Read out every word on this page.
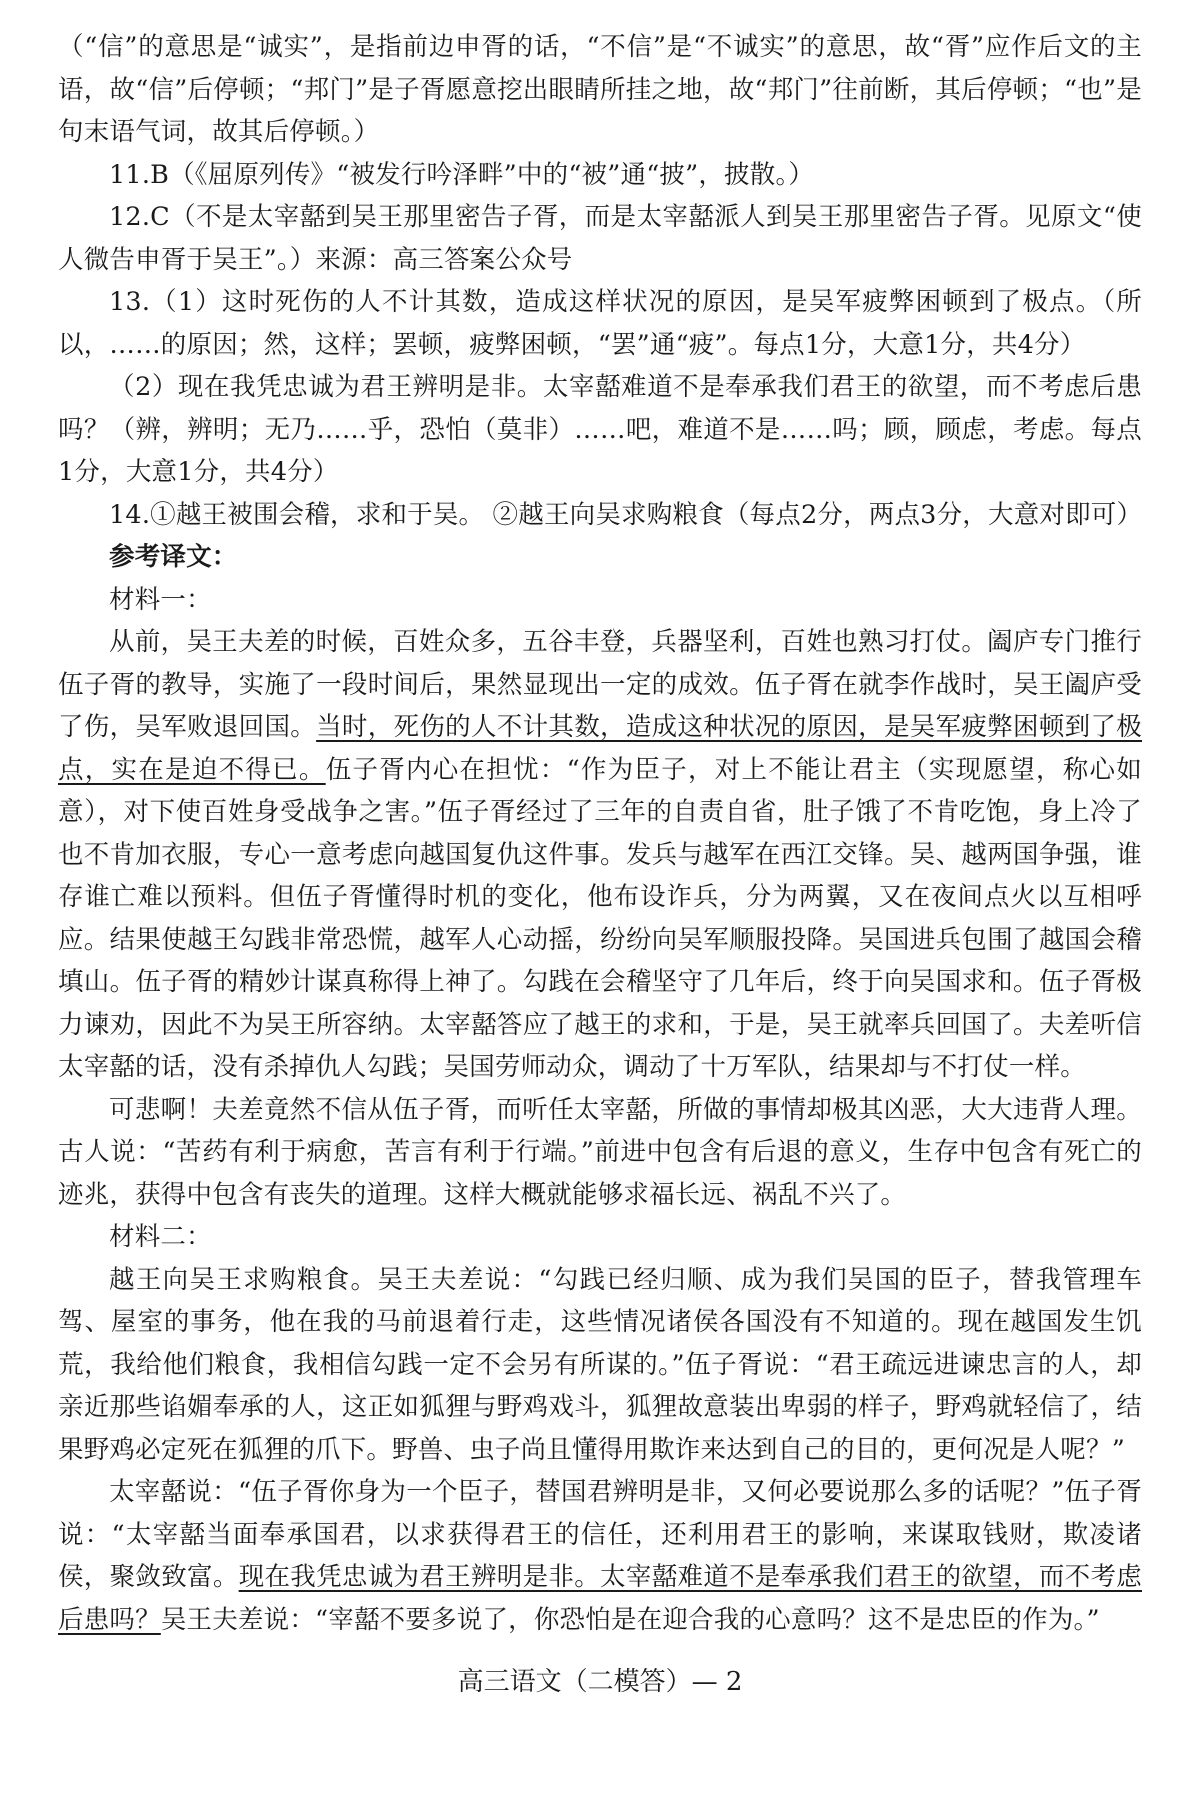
（“信”的意思是“诚实”，是指前边申胥的话，“不信”是“不诚实”的意思，故“胥”应作后文的主语，故“信”后停顿；“邦门”是子胥愿意挖出眼睛所挂之地，故“邦门”往前断，其后停顿；“也”是句末语气词，故其后停顿。）

11.B（《屈原列传》“被发行吟泽畔”中的“被”通“披”，披散。）

12.C（不是太宰嚭到吴王那里密告子胥，而是太宰嚭派人到吴王那里密告子胥。见原文“使人微告申胥于吴王”。）来源：高三答案公众号

13.（1）这时死伤的人不计其数，造成这样状况的原因，是吴军疲弊困顿到了极点。（所以，……的原因；然，这样；罢顿，疲弊困顿，“罢”通“疲”。每点1分，大意1分，共4分）

（2）现在我凭忠诚为君王辨明是非。太宰嚭难道不是奉承我们君王的欲望，而不考虑后患吗？（辨，辨明；无乃……乎，恐怕（莫非）……吧，难道不是……吗；顾，顾虑，考虑。每点1分，大意1分，共4分）

14.①越王被围会稽，求和于吴。 ②越王向吴求购粮食（每点2分，两点3分，大意对即可）

参考译文：

材料一：

从前，吴王夫差的时候，百姓众多，五谷丰登，兵器坚利，百姓也熟习打仗。阖庐专门推行伍子胥的教导，实施了一段时间后，果然显现出一定的成效。伍子胥在就李作战时，吴王阖庐受了伤，吴军败退回国。当时，死伤的人不计其数，造成这种状况的原因，是吴军疲弊困顿到了极点，实在是迫不得已。伍子胥内心在担忧：“作为臣子，对上不能让君主（实现愿望，称心如意），对下使百姓身受战争之害。”伍子胥经过了三年的自责自省，肚子饿了不肯吃饱，身上冷了也不肯加衣服，专心一意考虑向越国复仇这件事。发兵与越军在西江交锋。吴、越两国争强，谁存谁亡难以预料。但伍子胥懂得时机的变化，他布设诈兵，分为两翼，又在夜间点火以互相呼应。结果使越王勾践非常恐慌，越军人心动摇，纷纷向吴军顺服投降。吴国进兵包围了越国会稽填山。伍子胥的精妙计谋真称得上神了。勾践在会稽坚守了几年后，终于向吴国求和。伍子胥极力谏劝，因此不为吴王所容纳。太宰嚭答应了越王的求和，于是，吴王就率兵回国了。夫差听信太宰嚭的话，没有杀掉仇人勾践；吴国劳师动众，调动了十万军队，结果却与不打仗一样。

可悲啊！夫差竟然不信从伍子胥，而听任太宰嚭，所做的事情却极其凶恶，大大违背人理。古人说：“苦药有利于病愈，苦言有利于行端。”前进中包含有后退的意义，生存中包含有死亡的迹兆，获得中包含有丧失的道理。这样大概就能够求福长远、祸乱不兴了。

材料二：

越王向吴王求购粮食。吴王夫差说：“勾践已经归顺、成为我们吴国的臣子，替我管理车驾、屋室的事务，他在我的马前退着行走，这些情况诸侯各国没有不知道的。现在越国发生饥荒，我给他们粮食，我相信勾践一定不会另有所谋的。”伍子胥说：“君王疏远进谏忠言的人，却亲近那些谄媚奉承的人，这正如狐狸与野鸡戏斗，狐狸故意装出卑弱的样子，野鸡就轻信了，结果野鸡必定死在狐狸的爪下。野兽、虫子尚且懂得用欺诈来达到自己的目的，更何况是人呢？”

太宰嚭说：“伍子胥你身为一个臣子，替国君辨明是非，又何必要说那么多的话呢？”伍子胥说：“太宰嚭当面奉承国君，以求获得君王的信任，还利用君王的影响，来谋取钱财，欺凌诸侯，聚敛致富。现在我凭忠诚为君王辨明是非。太宰嚭难道不是奉承我们君王的欲望，而不考虑后患吗？吴王夫差说：“宰嚭不要多说了，你恐怕是在迎合我的心意吗？这不是忠臣的作为。”

高三语文（二模答）— 2
